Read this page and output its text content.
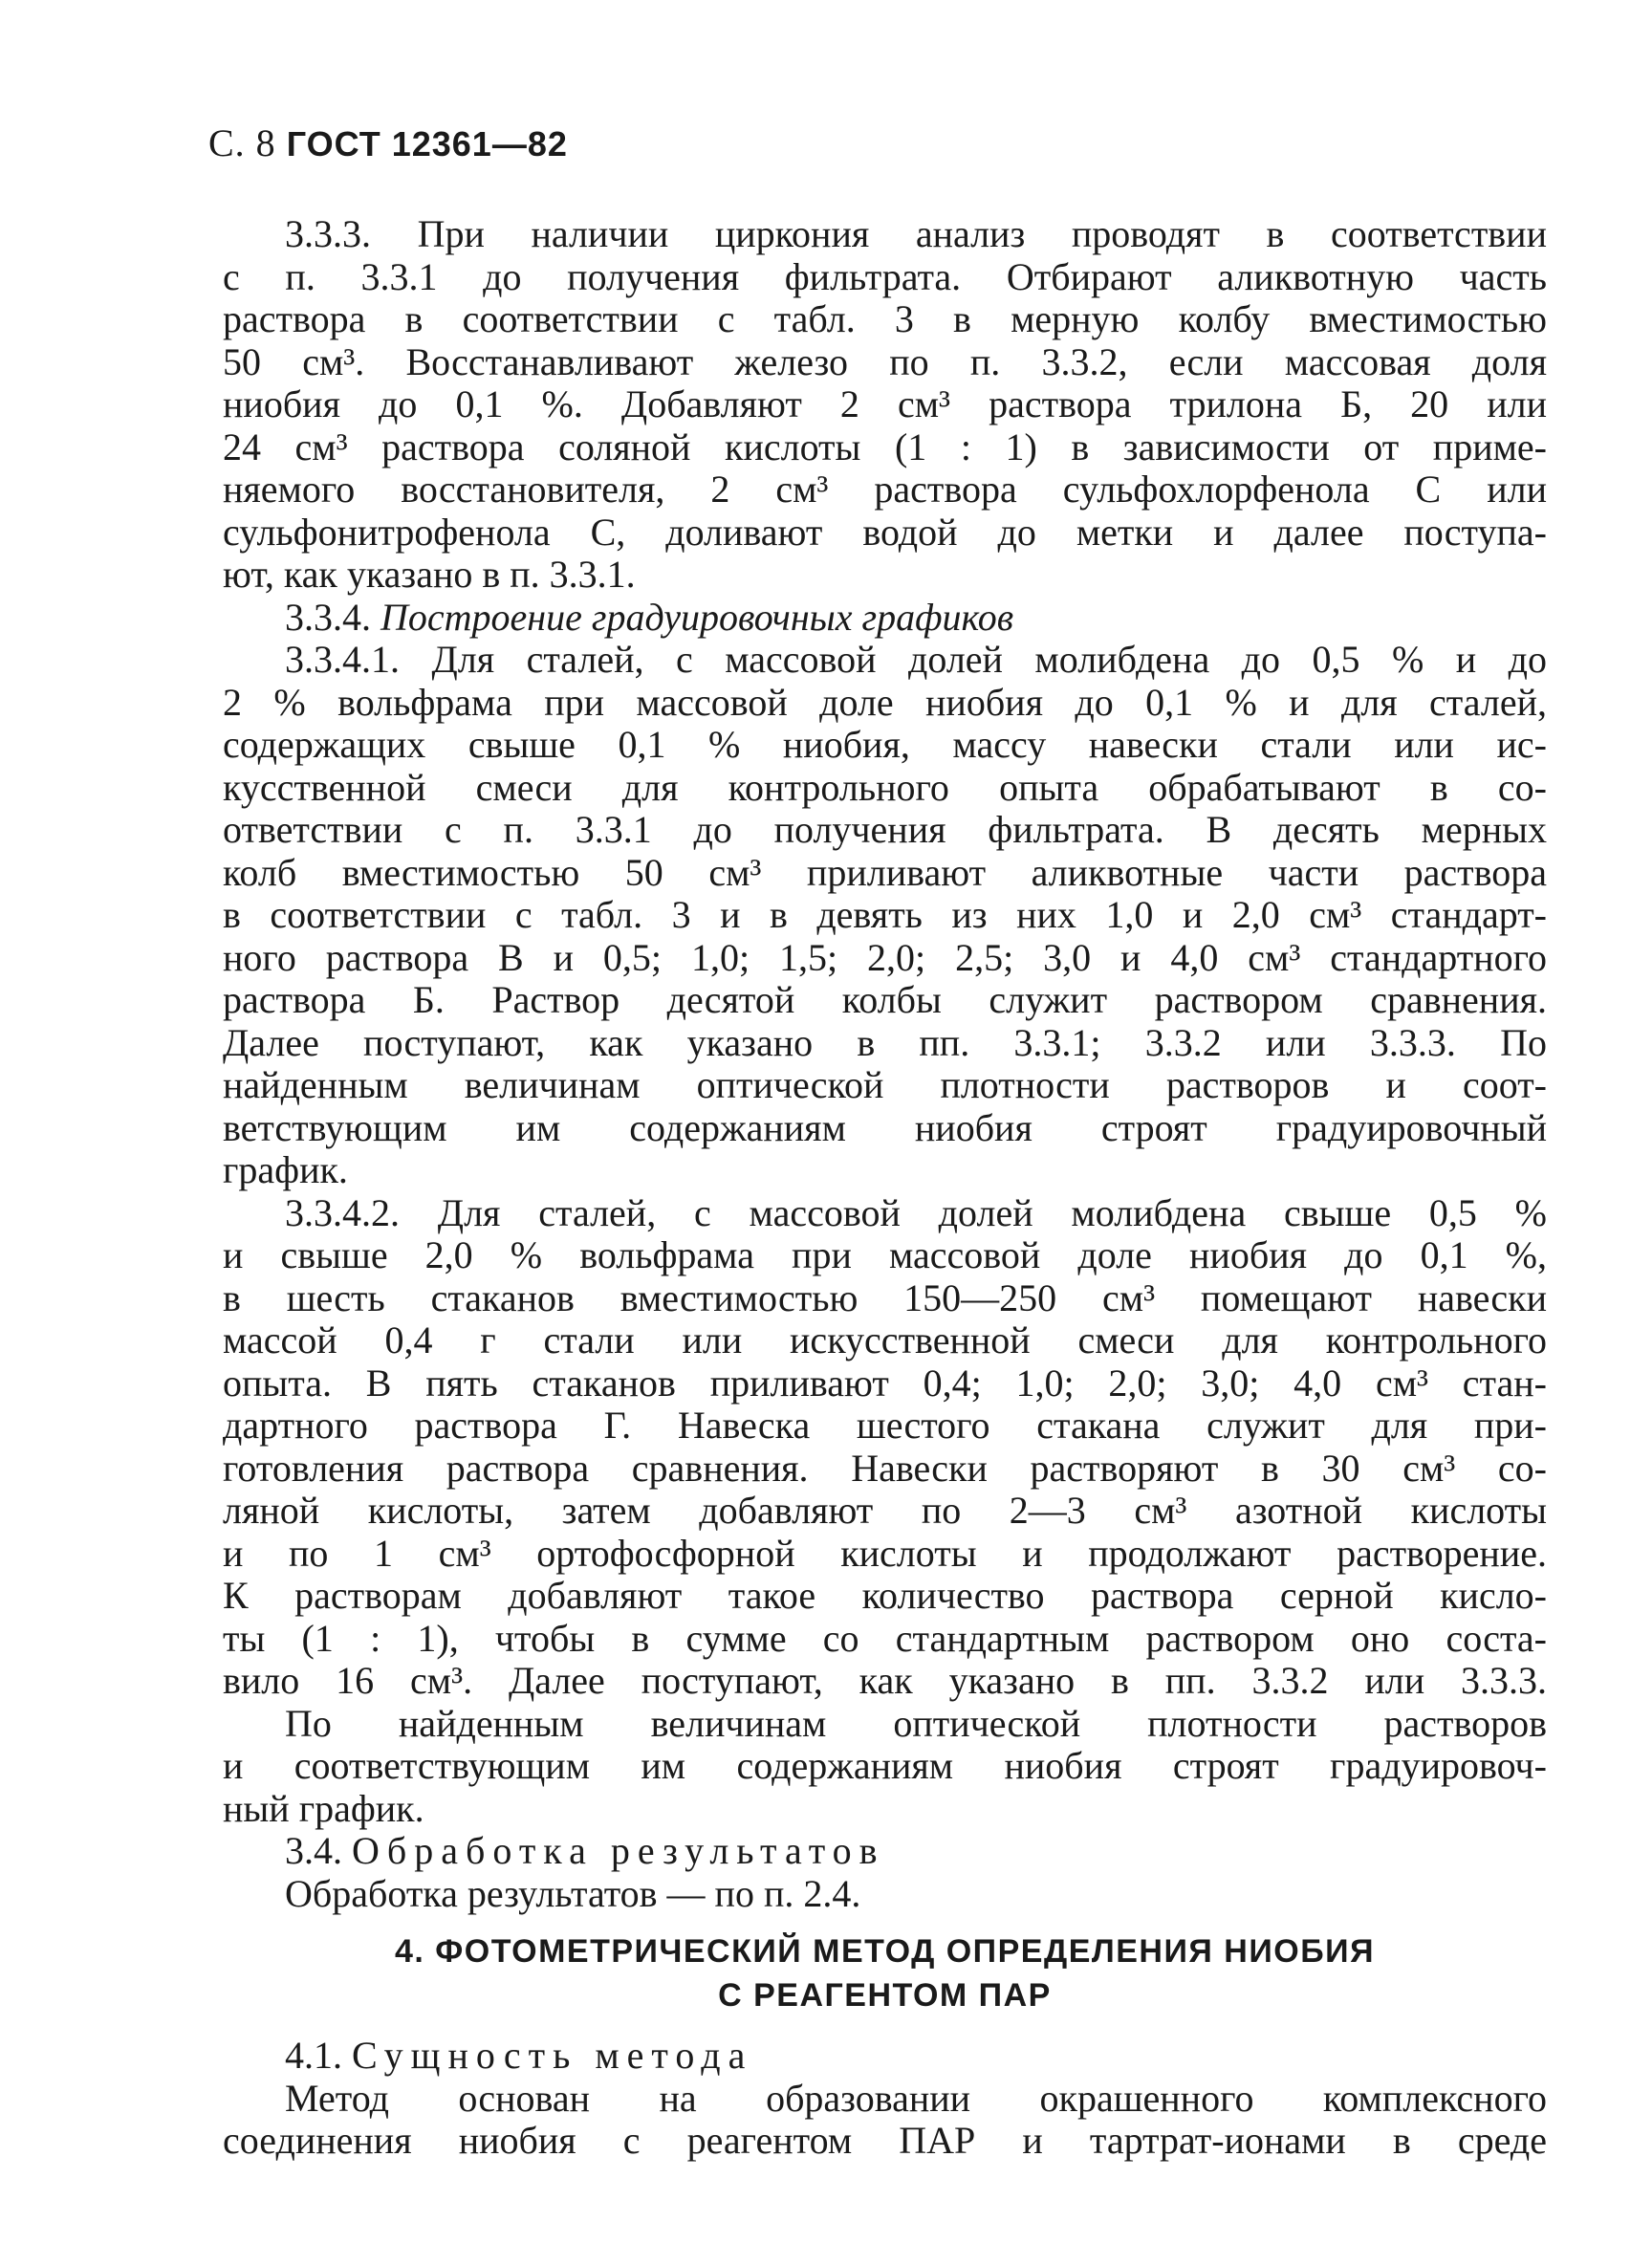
С. 8 ГОСТ 12361—82
3.3.3. При наличии циркония анализ проводят в соответствии
с п. 3.3.1 до получения фильтрата. Отбирают аликвотную часть
раствора в соответствии с табл. 3 в мерную колбу вместимостью
50 см³. Восстанавливают железо по п. 3.3.2, если массовая доля
ниобия до 0,1 %. Добавляют 2 см³ раствора трилона Б, 20 или
24 см³ раствора соляной кислоты (1 : 1) в зависимости от приме-
няемого восстановителя, 2 см³ раствора сульфохлорфенола С или
сульфонитрофенола С, доливают водой до метки и далее поступа-
ют, как указано в п. 3.3.1.
3.3.4. Построение градуировочных графиков
3.3.4.1. Для сталей, с массовой долей молибдена до 0,5 % и до
2 % вольфрама при массовой доле ниобия до 0,1 % и для сталей,
содержащих свыше 0,1 % ниобия, массу навески стали или ис-
кусственной смеси для контрольного опыта обрабатывают в со-
ответствии с п. 3.3.1 до получения фильтрата. В десять мерных
колб вместимостью 50 см³ приливают аликвотные части раствора
в соответствии с табл. 3 и в девять из них 1,0 и 2,0 см³ стандарт-
ного раствора В и 0,5; 1,0; 1,5; 2,0; 2,5; 3,0 и 4,0 см³ стандартного
раствора Б. Раствор десятой колбы служит раствором сравнения.
Далее поступают, как указано в пп. 3.3.1; 3.3.2 или 3.3.3. По
найденным величинам оптической плотности растворов и соот-
ветствующим им содержаниям ниобия строят градуировочный
график.
3.3.4.2. Для сталей, с массовой долей молибдена свыше 0,5 %
и свыше 2,0 % вольфрама при массовой доле ниобия до 0,1 %,
в шесть стаканов вместимостью 150—250 см³ помещают навески
массой 0,4 г стали или искусственной смеси для контрольного
опыта. В пять стаканов приливают 0,4; 1,0; 2,0; 3,0; 4,0 см³ стан-
дартного раствора Г. Навеска шестого стакана служит для при-
готовления раствора сравнения. Навески растворяют в 30 см³ со-
ляной кислоты, затем добавляют по 2—3 см³ азотной кислоты
и по 1 см³ ортофосфорной кислоты и продолжают растворение.
К растворам добавляют такое количество раствора серной кисло-
ты (1 : 1), чтобы в сумме со стандартным раствором оно соста-
вило 16 см³. Далее поступают, как указано в пп. 3.3.2 или 3.3.3.
По найденным величинам оптической плотности растворов
и соответствующим им содержаниям ниобия строят градуировоч-
ный график.
3.4. Обработка результатов
Обработка результатов — по п. 2.4.
4. ФОТОМЕТРИЧЕСКИЙ МЕТОД ОПРЕДЕЛЕНИЯ НИОБИЯ
С РЕАГЕНТОМ ПАР
4.1. Сущность метода
Метод основан на образовании окрашенного комплексного
соединения ниобия с реагентом ПАР и тартрат-ионами в среде
